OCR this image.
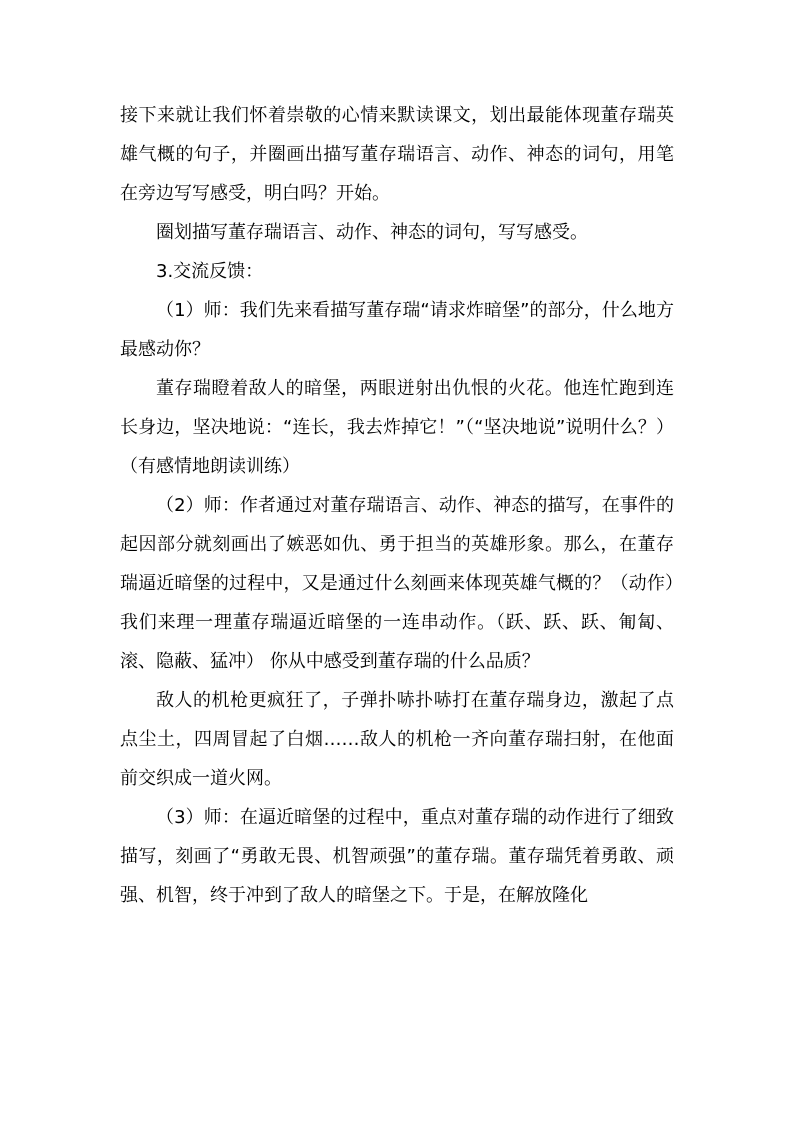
接下来就让我们怀着崇敬的心情来默读课文，划出最能体现董存瑞英雄气概的句子，并圈画出描写董存瑞语言、动作、神态的词句，用笔在旁边写写感受，明白吗？开始。

圈划描写董存瑞语言、动作、神态的词句，写写感受。

3.交流反馈：

（1）师：我们先来看描写董存瑞“请求炸暗堡”的部分，什么地方最感动你？

董存瑞瞪着敌人的暗堡，两眼迸射出仇恨的火花。他连忙跑到连长身边，坚决地说：“连长，我去炸掉它！”（“坚决地说”说明什么？）（有感情地朗读训练）

（2）师：作者通过对董存瑞语言、动作、神态的描写，在事件的起因部分就刻画出了嫉恶如仇、勇于担当的英雄形象。那么，在董存瑞逼近暗堡的过程中，又是通过什么刻画来体现英雄气概的？（动作）我们来理一理董存瑞逼近暗堡的一连串动作。（跃、跃、跃、匍匐、滚、隐蔽、猛冲） 你从中感受到董存瑞的什么品质？

敌人的机枪更疯狂了，子弹扑哧扑哧打在董存瑞身边，激起了点点尘土，四周冒起了白烟……敌人的机枪一齐向董存瑞扫射，在他面前交织成一道火网。

（3）师：在逼近暗堡的过程中，重点对董存瑞的动作进行了细致描写，刻画了“勇敢无畏、机智顽强”的董存瑞。董存瑞凭着勇敢、顽强、机智，终于冲到了敌人的暗堡之下。于是，在解放隆化
